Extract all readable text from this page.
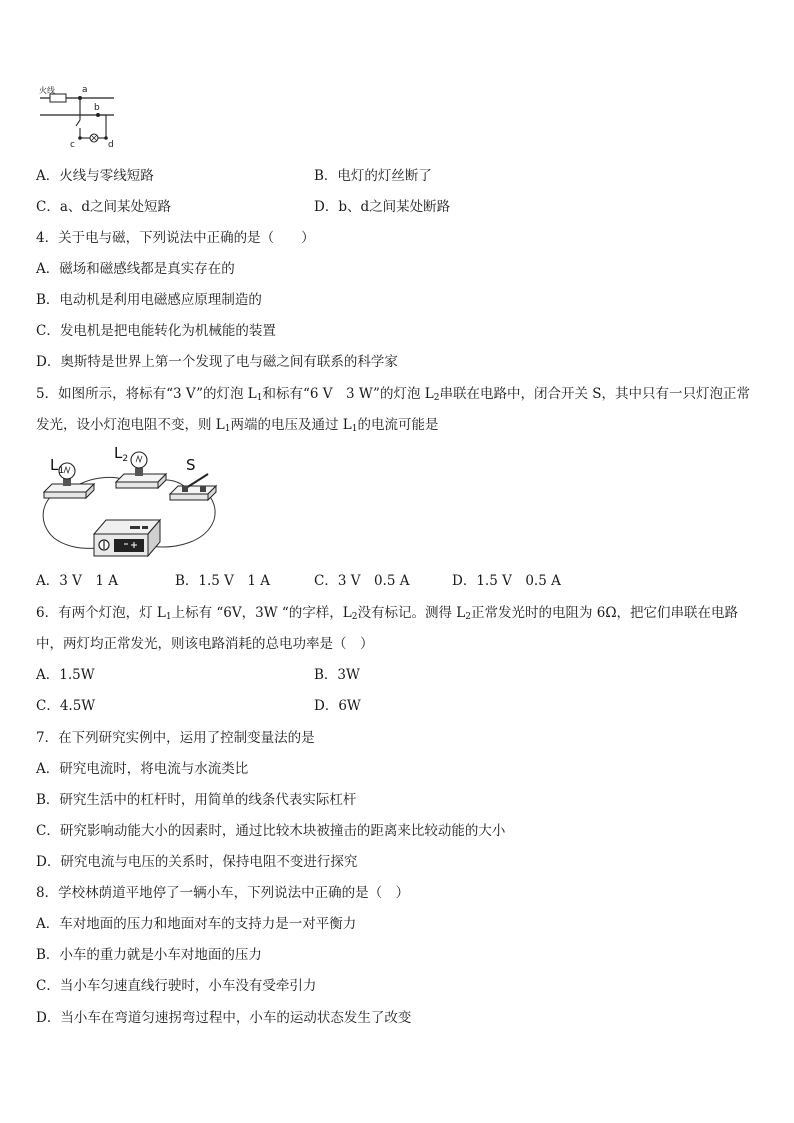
火线	a
b
c	d
A．火线与零线短路	B．电灯的灯丝断了
C．a、d之间某处短路	D．b、d之间某处断路
4．关于电与磁，下列说法中正确的是（　　）
A．磁场和磁感线都是真实存在的
B．电动机是利用电磁感应原理制造的
C．发电机是把电能转化为机械能的装置
D．奥斯特是世界上第一个发现了电与磁之间有联系的科学家
5．如图所示，将标有“3 V”的灯泡 $L_1$和标有“6 V　3 W”的灯泡 $L_2$串联在电路中，闭合开关 S，其中只有一只灯泡正常
发光，设小灯泡电阻不变，则 $L_1$两端的电压及通过 $L_1$的电流可能是
$L_1$
$L_2$	S
A．3 V　1 A	B．1.5 V　1 A	C．3 V　0.5 A	D．1.5 V　0.5 A
6．有两个灯泡，灯 $L_1$上标有 “6V，3W “的字样，$L_2$没有标记。测得 $L_2$正常发光时的电阻为 6Ω，把它们串联在电路
中，两灯均正常发光，则该电路消耗的总电功率是（　）
A．1.5W	B．3W
C．4.5W	D．6W
7．在下列研究实例中，运用了控制变量法的是
A．研究电流时，将电流与水流类比
B．研究生活中的杠杆时，用简单的线条代表实际杠杆
C．研究影响动能大小的因素时，通过比较木块被撞击的距离来比较动能的大小
D．研究电流与电压的关系时，保持电阻不变进行探究
8．学校林荫道平地停了一辆小车，下列说法中正确的是（　）
A．车对地面的压力和地面对车的支持力是一对平衡力
B．小车的重力就是小车对地面的压力
C．当小车匀速直线行驶时，小车没有受牵引力
D．当小车在弯道匀速拐弯过程中，小车的运动状态发生了改变
